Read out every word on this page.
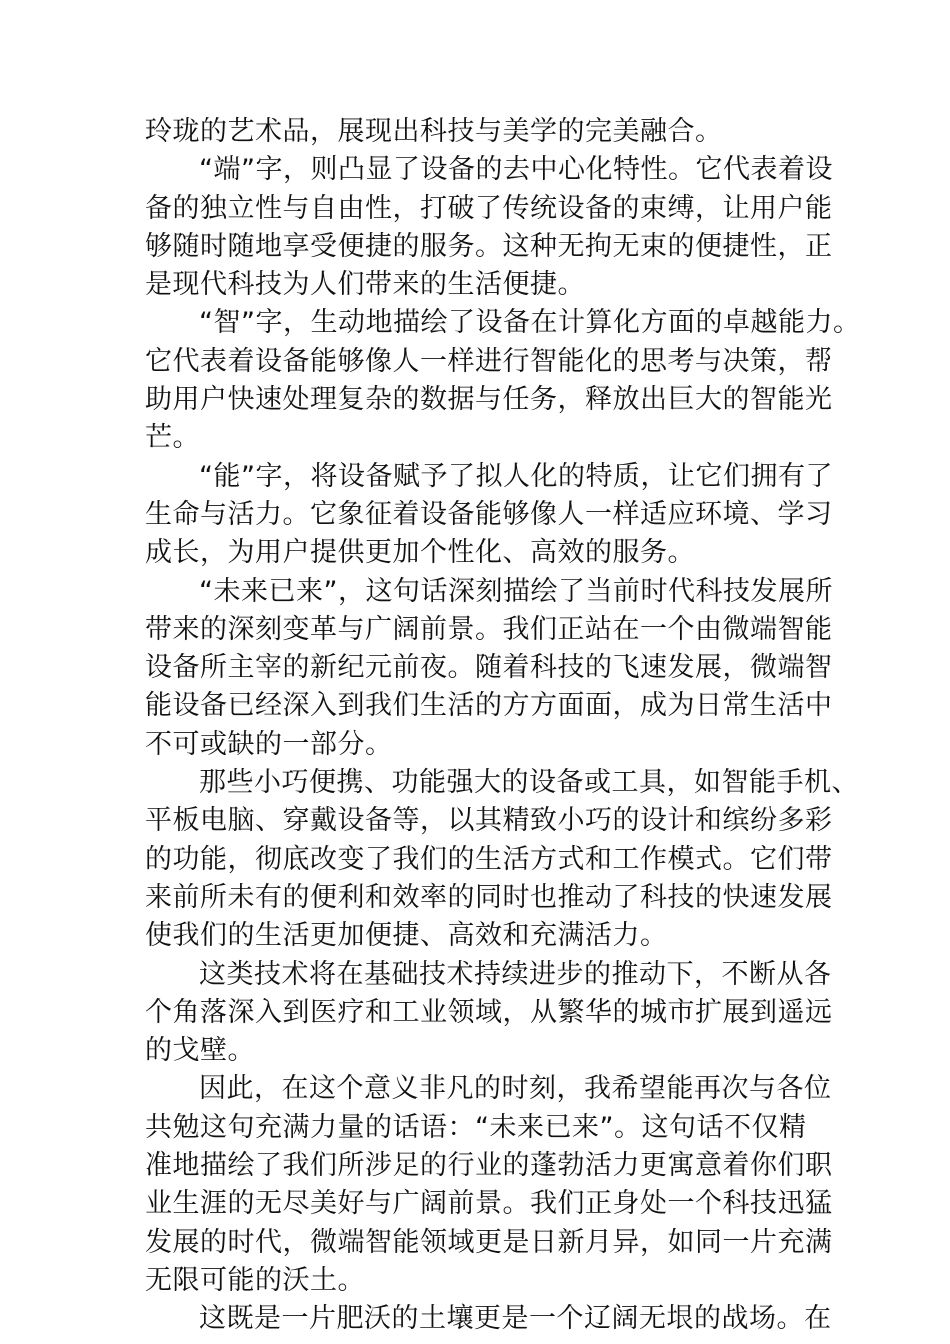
玲珑的艺术品，展现出科技与美学的完美融合。
“端”字，则凸显了设备的去中心化特性。它代表着设
备的独立性与自由性，打破了传统设备的束缚，让用户能
够随时随地享受便捷的服务。这种无拘无束的便捷性，正
是现代科技为人们带来的生活便捷。
“智”字，生动地描绘了设备在计算化方面的卓越能力。
它代表着设备能够像人一样进行智能化的思考与决策，帮
助用户快速处理复杂的数据与任务，释放出巨大的智能光
芒。
“能”字，将设备赋予了拟人化的特质，让它们拥有了
生命与活力。它象征着设备能够像人一样适应环境、学习
成长，为用户提供更加个性化、高效的服务。
“未来已来”，这句话深刻描绘了当前时代科技发展所
带来的深刻变革与广阔前景。我们正站在一个由微端智能
设备所主宰的新纪元前夜。随着科技的飞速发展，微端智
能设备已经深入到我们生活的方方面面，成为日常生活中
不可或缺的一部分。
那些小巧便携、功能强大的设备或工具，如智能手机、
平板电脑、穿戴设备等，以其精致小巧的设计和缤纷多彩
的功能，彻底改变了我们的生活方式和工作模式。它们带
来前所未有的便利和效率的同时也推动了科技的快速发展
使我们的生活更加便捷、高效和充满活力。
这类技术将在基础技术持续进步的推动下，不断从各
个角落深入到医疗和工业领域，从繁华的城市扩展到遥远
的戈壁。
因此，在这个意义非凡的时刻，我希望能再次与各位
共勉这句充满力量的话语：“未来已来”。这句话不仅精
准地描绘了我们所涉足的行业的蓬勃活力更寓意着你们职
业生涯的无尽美好与广阔前景。我们正身处一个科技迅猛
发展的时代，微端智能领域更是日新月异，如同一片充满
无限可能的沃土。
这既是一片肥沃的土壤更是一个辽阔无垠的战场。在
